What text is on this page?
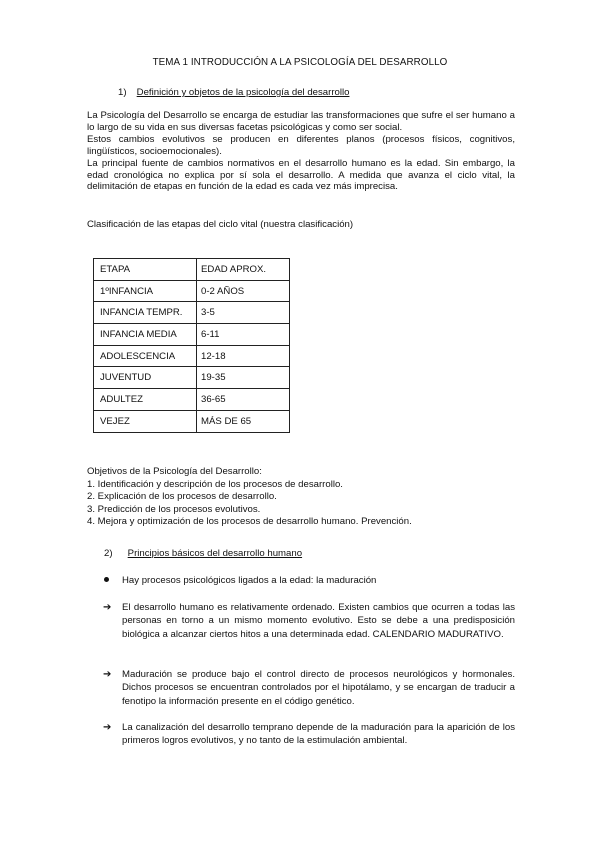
TEMA 1 INTRODUCCIÓN A LA PSICOLOGÍA DEL DESARROLLO
1) Definición y objetos de la psicología del desarrollo

La Psicología del Desarrollo se encarga de estudiar las transformaciones que sufre el ser humano a lo largo de su vida en sus diversas facetas psicológicas y como ser social.

Estos cambios evolutivos se producen en diferentes planos (procesos físicos, cognitivos, lingüísticos, socioemocionales).

La principal fuente de cambios normativos en el desarrollo humano es la edad. Sin embargo, la edad cronológica no explica por sí sola el desarrollo. A medida que avanza el ciclo vital, la delimitación de etapas en función de la edad es cada vez más imprecisa.

Clasificación de las etapas del ciclo vital (nuestra clasificación)
ETAPA	EDAD APROX.
1ºINFANCIA	0-2 AÑOS
INFANCIA TEMPR.	3-5
INFANCIA MEDIA	6-11
ADOLESCENCIA	12-18
JUVENTUD	19-35
ADULTEZ	36-65
VEJEZ	MÁS DE 65
Objetivos de la Psicología del Desarrollo:
1. Identificación y descripción de los procesos de desarrollo.
2. Explicación de los procesos de desarrollo.
3. Predicción de los procesos evolutivos.
4. Mejora y optimización de los procesos de desarrollo humano. Prevención.
2) Principios básicos del desarrollo humano
Hay procesos psicológicos ligados a la edad: la maduración
➔	El desarrollo humano es relativamente ordenado. Existen cambios que ocurren a todas las personas en torno a un mismo momento evolutivo. Esto se debe a una predisposición biológica a alcanzar ciertos hitos a una determinada edad. CALENDARIO MADURATIVO.
➔	Maduración se produce bajo el control directo de procesos neurológicos y hormonales. Dichos procesos se encuentran controlados por el hipotálamo, y se encargan de traducir a fenotipo la información presente en el código genético.
➔	La canalización del desarrollo temprano depende de la maduración para la aparición de los primeros logros evolutivos, y no tanto de la estimulación ambiental.
